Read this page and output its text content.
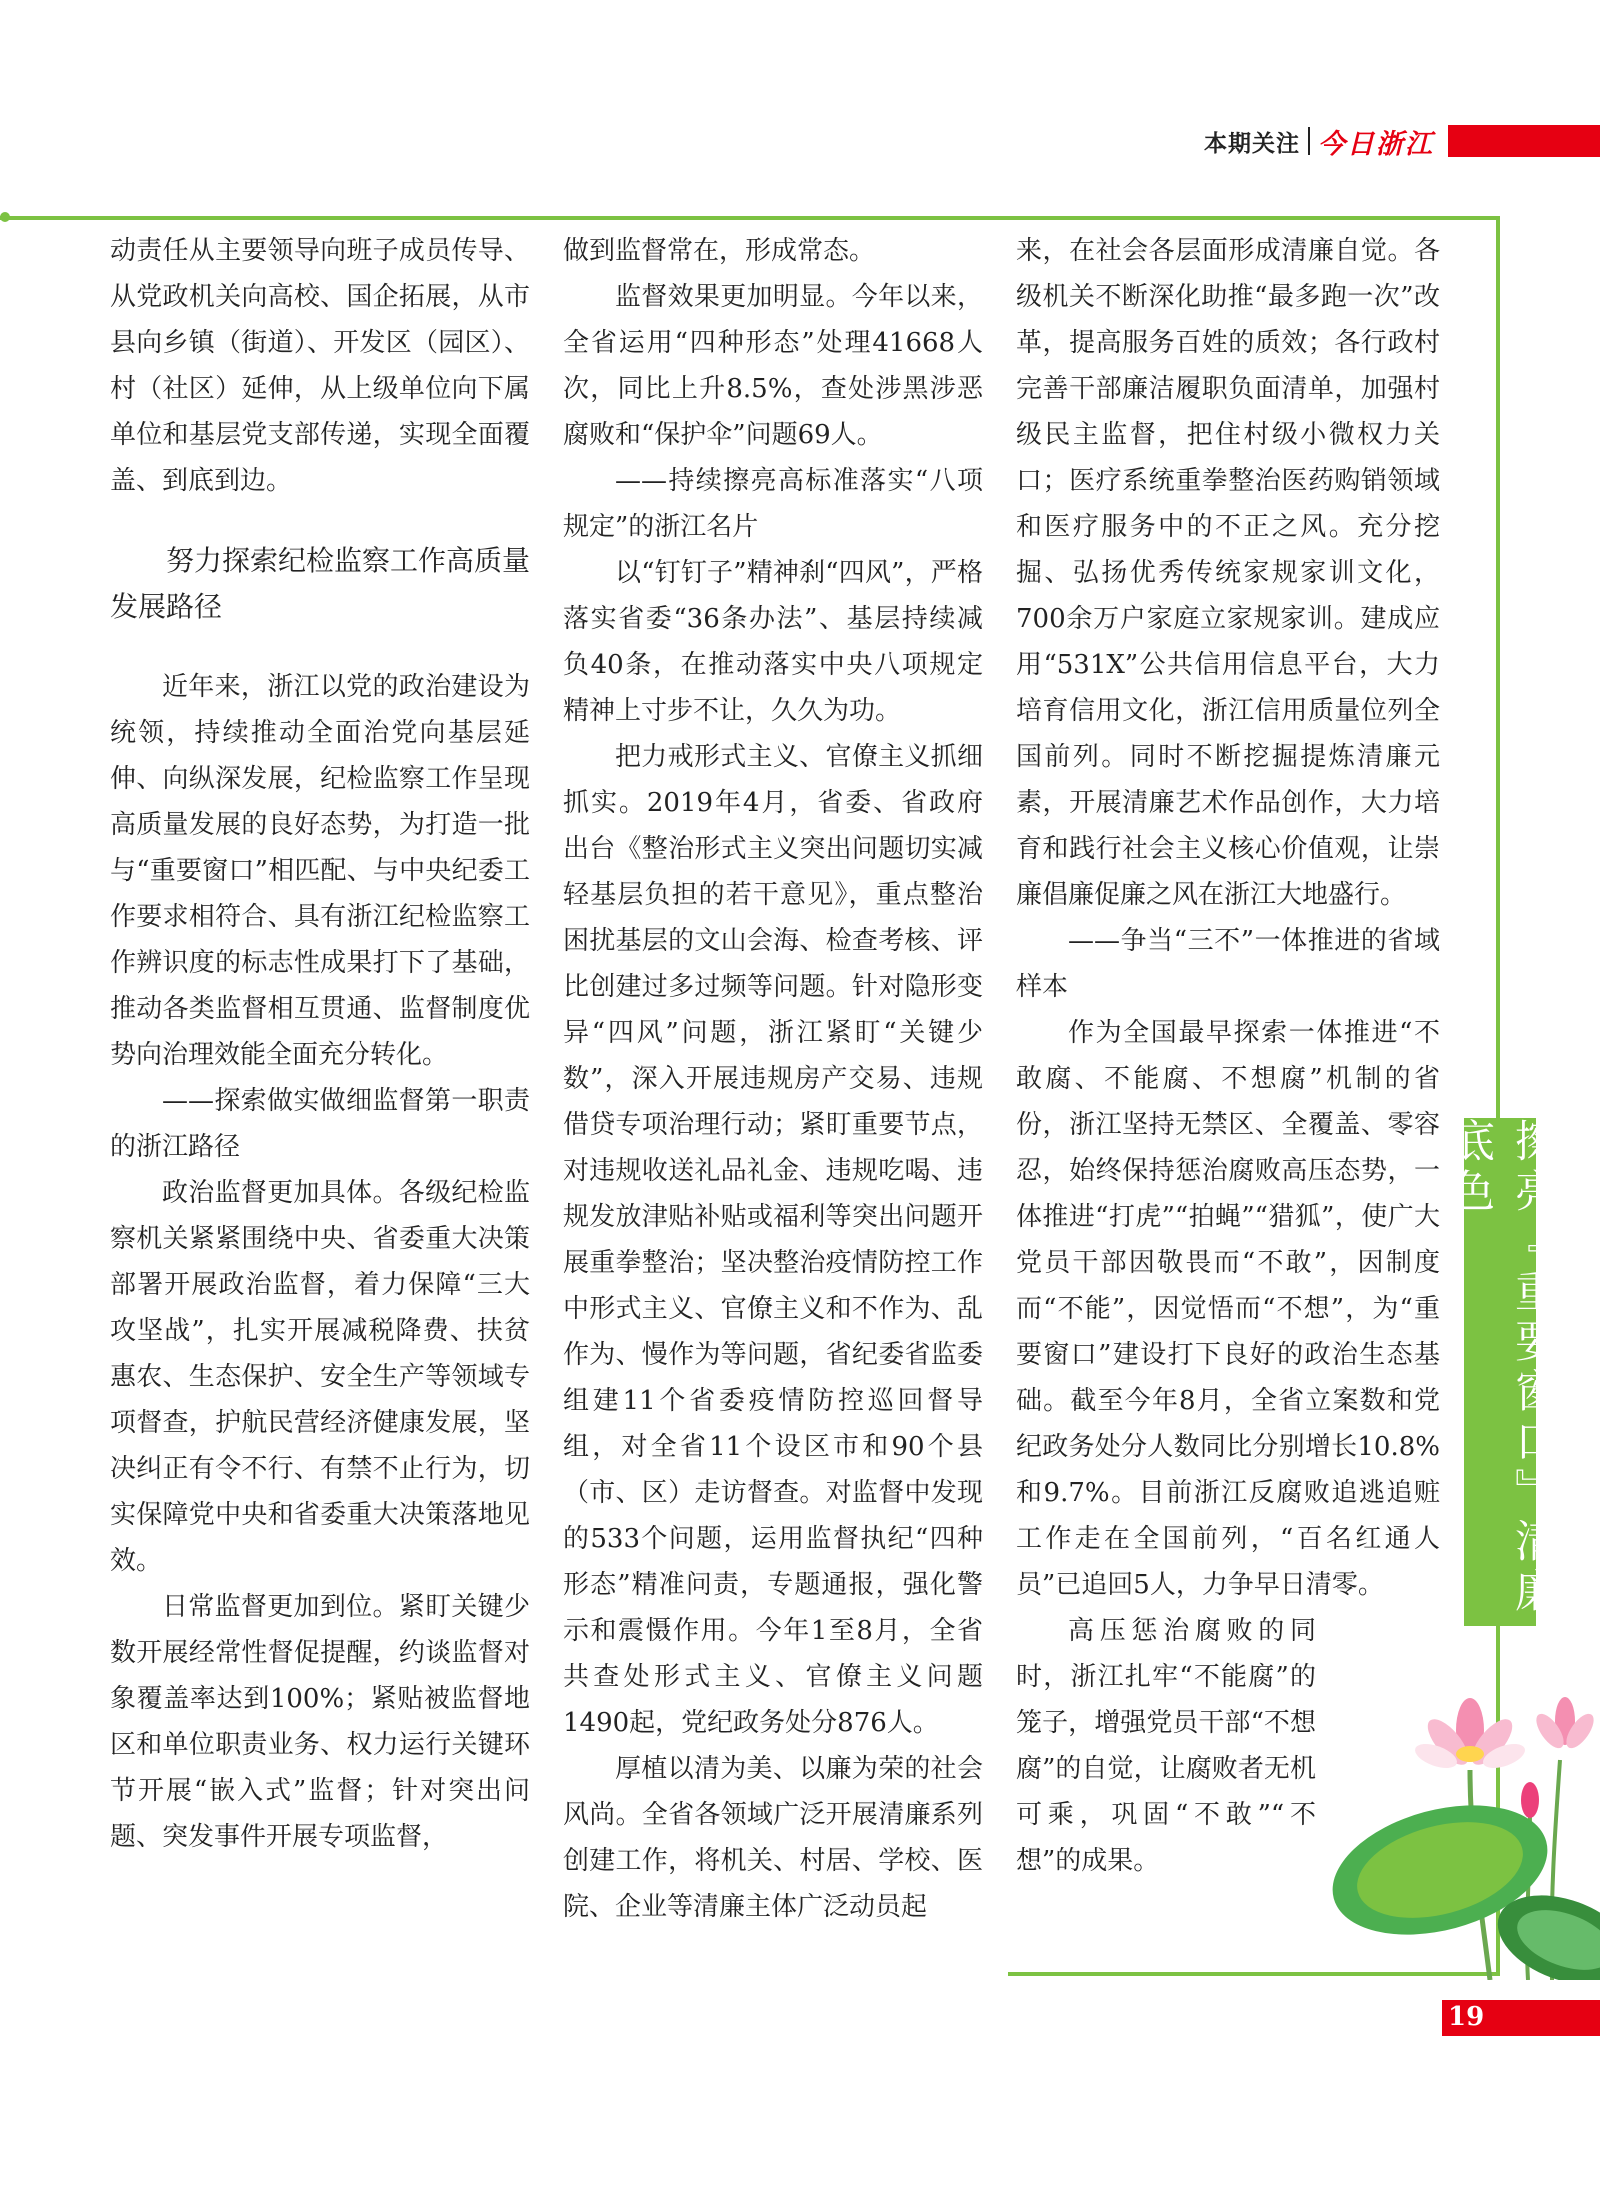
本期关注 今日浙江

动责任从主要领导向班子成员传导、从党政机关向高校、国企拓展，从市县向乡镇（街道）、开发区（园区）、村（社区）延伸，从上级单位向下属单位和基层党支部传递，实现全面覆盖、到底到边。

努力探索纪检监察工作高质量发展路径

近年来，浙江以党的政治建设为统领，持续推动全面治党向基层延伸、向纵深发展，纪检监察工作呈现高质量发展的良好态势，为打造一批与“重要窗口”相匹配、与中央纪委工作要求相符合、具有浙江纪检监察工作辨识度的标志性成果打下了基础，推动各类监督相互贯通、监督制度优势向治理效能全面充分转化。

——探索做实做细监督第一职责的浙江路径

政治监督更加具体。各级纪检监察机关紧紧围绕中央、省委重大决策部署开展政治监督，着力保障“三大攻坚战”，扎实开展减税降费、扶贫惠农、生态保护、安全生产等领域专项督查，护航民营经济健康发展，坚决纠正有令不行、有禁不止行为，切实保障党中央和省委重大决策落地见效。

日常监督更加到位。紧盯关键少数开展经常性督促提醒，约谈监督对象覆盖率达到100%；紧贴被监督地区和单位职责业务、权力运行关键环节开展“嵌入式”监督；针对突出问题、突发事件开展专项监督，

做到监督常在，形成常态。

监督效果更加明显。今年以来，全省运用“四种形态”处理41668人次，同比上升8.5%，查处涉黑涉恶腐败和“保护伞”问题69人。

——持续擦亮高标准落实“八项规定”的浙江名片

以“钉钉子”精神刹“四风”，严格落实省委“36条办法”、基层持续减负40条，在推动落实中央八项规定精神上寸步不让，久久为功。

把力戒形式主义、官僚主义抓细抓实。2019年4月，省委、省政府出台《整治形式主义突出问题切实减轻基层负担的若干意见》，重点整治困扰基层的文山会海、检查考核、评比创建过多过频等问题。针对隐形变异“四风”问题，浙江紧盯“关键少数”，深入开展违规房产交易、违规借贷专项治理行动；紧盯重要节点，对违规收送礼品礼金、违规吃喝、违规发放津贴补贴或福利等突出问题开展重拳整治；坚决整治疫情防控工作中形式主义、官僚主义和不作为、乱作为、慢作为等问题，省纪委省监委组建11个省委疫情防控巡回督导组，对全省11个设区市和90个县（市、区）走访督查。对监督中发现的533个问题，运用监督执纪“四种形态”精准问责，专题通报，强化警示和震慑作用。今年1至8月，全省共查处形式主义、官僚主义问题1490起，党纪政务处分876人。

厚植以清为美、以廉为荣的社会风尚。全省各领域广泛开展清廉系列创建工作，将机关、村居、学校、医院、企业等清廉主体广泛动员起

来，在社会各层面形成清廉自觉。各级机关不断深化助推“最多跑一次”改革，提高服务百姓的质效；各行政村完善干部廉洁履职负面清单，加强村级民主监督，把住村级小微权力关口；医疗系统重拳整治医药购销领域和医疗服务中的不正之风。充分挖掘、弘扬优秀传统家规家训文化，700余万户家庭立家规家训。建成应用“531X”公共信用信息平台，大力培育信用文化，浙江信用质量位列全国前列。同时不断挖掘提炼清廉元素，开展清廉艺术作品创作，大力培育和践行社会主义核心价值观，让崇廉倡廉促廉之风在浙江大地盛行。

——争当“三不”一体推进的省域样本

作为全国最早探索一体推进“不敢腐、不能腐、不想腐”机制的省份，浙江坚持无禁区、全覆盖、零容忍，始终保持惩治腐败高压态势，一体推进“打虎”“拍蝇”“猎狐”，使广大党员干部因敬畏而“不敢”，因制度而“不能”，因觉悟而“不想”，为“重要窗口”建设打下良好的政治生态基础。截至今年8月，全省立案数和党纪政务处分人数同比分别增长10.8%和9.7%。目前浙江反腐败追逃追赃工作走在全国前列，“百名红通人员”已追回5人，力争早日清零。

高压惩治腐败的同时，浙江扎牢“不能腐”的笼子，增强党员干部“不想腐”的自觉，让腐败者无机可乘，巩固“不敢”“不想”的成果。

擦亮『重要窗口』清廉底色
19
